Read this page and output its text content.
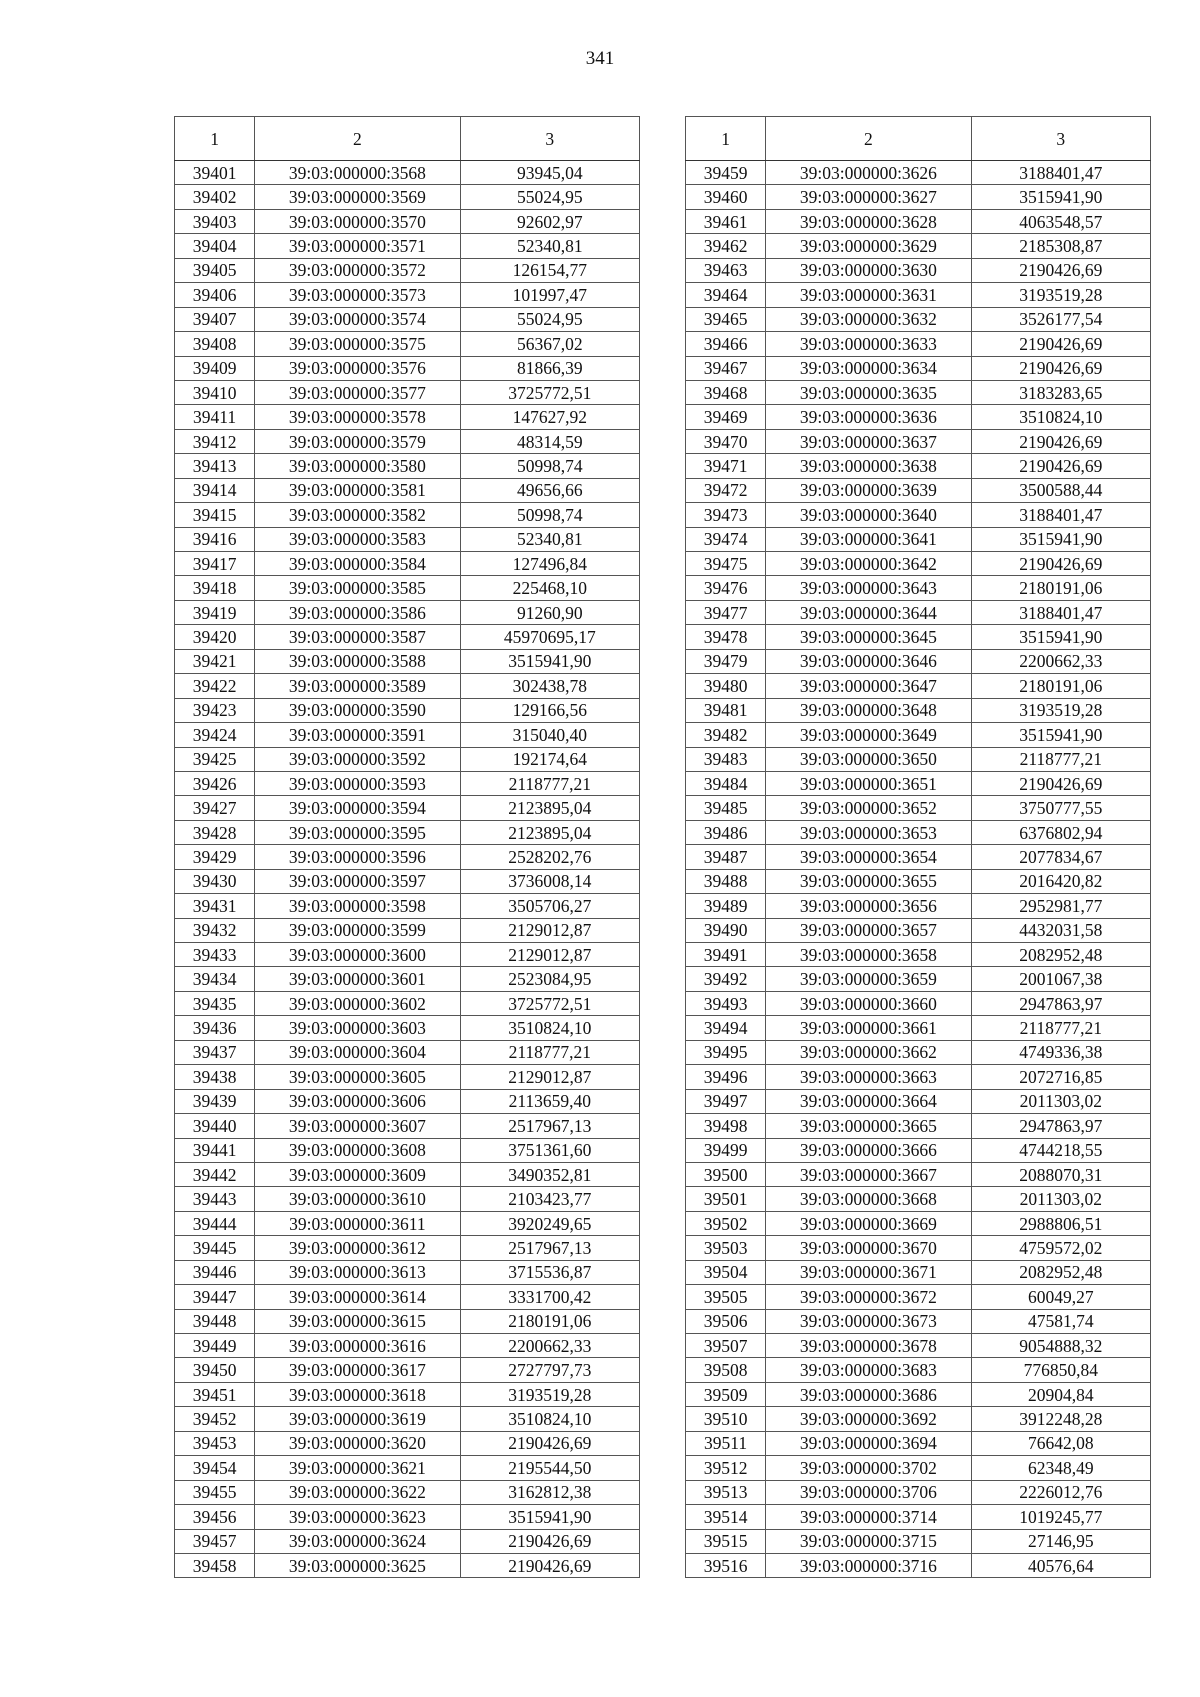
341
1	2	3
39401	39:03:000000:3568	93945,04
39402	39:03:000000:3569	55024,95
39403	39:03:000000:3570	92602,97
39404	39:03:000000:3571	52340,81
39405	39:03:000000:3572	126154,77
39406	39:03:000000:3573	101997,47
39407	39:03:000000:3574	55024,95
39408	39:03:000000:3575	56367,02
39409	39:03:000000:3576	81866,39
39410	39:03:000000:3577	3725772,51
39411	39:03:000000:3578	147627,92
39412	39:03:000000:3579	48314,59
39413	39:03:000000:3580	50998,74
39414	39:03:000000:3581	49656,66
39415	39:03:000000:3582	50998,74
39416	39:03:000000:3583	52340,81
39417	39:03:000000:3584	127496,84
39418	39:03:000000:3585	225468,10
39419	39:03:000000:3586	91260,90
39420	39:03:000000:3587	45970695,17
39421	39:03:000000:3588	3515941,90
39422	39:03:000000:3589	302438,78
39423	39:03:000000:3590	129166,56
39424	39:03:000000:3591	315040,40
39425	39:03:000000:3592	192174,64
39426	39:03:000000:3593	2118777,21
39427	39:03:000000:3594	2123895,04
39428	39:03:000000:3595	2123895,04
39429	39:03:000000:3596	2528202,76
39430	39:03:000000:3597	3736008,14
39431	39:03:000000:3598	3505706,27
39432	39:03:000000:3599	2129012,87
39433	39:03:000000:3600	2129012,87
39434	39:03:000000:3601	2523084,95
39435	39:03:000000:3602	3725772,51
39436	39:03:000000:3603	3510824,10
39437	39:03:000000:3604	2118777,21
39438	39:03:000000:3605	2129012,87
39439	39:03:000000:3606	2113659,40
39440	39:03:000000:3607	2517967,13
39441	39:03:000000:3608	3751361,60
39442	39:03:000000:3609	3490352,81
39443	39:03:000000:3610	2103423,77
39444	39:03:000000:3611	3920249,65
39445	39:03:000000:3612	2517967,13
39446	39:03:000000:3613	3715536,87
39447	39:03:000000:3614	3331700,42
39448	39:03:000000:3615	2180191,06
39449	39:03:000000:3616	2200662,33
39450	39:03:000000:3617	2727797,73
39451	39:03:000000:3618	3193519,28
39452	39:03:000000:3619	3510824,10
39453	39:03:000000:3620	2190426,69
39454	39:03:000000:3621	2195544,50
39455	39:03:000000:3622	3162812,38
39456	39:03:000000:3623	3515941,90
39457	39:03:000000:3624	2190426,69
39458	39:03:000000:3625	2190426,69
1	2	3
39459	39:03:000000:3626	3188401,47
39460	39:03:000000:3627	3515941,90
39461	39:03:000000:3628	4063548,57
39462	39:03:000000:3629	2185308,87
39463	39:03:000000:3630	2190426,69
39464	39:03:000000:3631	3193519,28
39465	39:03:000000:3632	3526177,54
39466	39:03:000000:3633	2190426,69
39467	39:03:000000:3634	2190426,69
39468	39:03:000000:3635	3183283,65
39469	39:03:000000:3636	3510824,10
39470	39:03:000000:3637	2190426,69
39471	39:03:000000:3638	2190426,69
39472	39:03:000000:3639	3500588,44
39473	39:03:000000:3640	3188401,47
39474	39:03:000000:3641	3515941,90
39475	39:03:000000:3642	2190426,69
39476	39:03:000000:3643	2180191,06
39477	39:03:000000:3644	3188401,47
39478	39:03:000000:3645	3515941,90
39479	39:03:000000:3646	2200662,33
39480	39:03:000000:3647	2180191,06
39481	39:03:000000:3648	3193519,28
39482	39:03:000000:3649	3515941,90
39483	39:03:000000:3650	2118777,21
39484	39:03:000000:3651	2190426,69
39485	39:03:000000:3652	3750777,55
39486	39:03:000000:3653	6376802,94
39487	39:03:000000:3654	2077834,67
39488	39:03:000000:3655	2016420,82
39489	39:03:000000:3656	2952981,77
39490	39:03:000000:3657	4432031,58
39491	39:03:000000:3658	2082952,48
39492	39:03:000000:3659	2001067,38
39493	39:03:000000:3660	2947863,97
39494	39:03:000000:3661	2118777,21
39495	39:03:000000:3662	4749336,38
39496	39:03:000000:3663	2072716,85
39497	39:03:000000:3664	2011303,02
39498	39:03:000000:3665	2947863,97
39499	39:03:000000:3666	4744218,55
39500	39:03:000000:3667	2088070,31
39501	39:03:000000:3668	2011303,02
39502	39:03:000000:3669	2988806,51
39503	39:03:000000:3670	4759572,02
39504	39:03:000000:3671	2082952,48
39505	39:03:000000:3672	60049,27
39506	39:03:000000:3673	47581,74
39507	39:03:000000:3678	9054888,32
39508	39:03:000000:3683	776850,84
39509	39:03:000000:3686	20904,84
39510	39:03:000000:3692	3912248,28
39511	39:03:000000:3694	76642,08
39512	39:03:000000:3702	62348,49
39513	39:03:000000:3706	2226012,76
39514	39:03:000000:3714	1019245,77
39515	39:03:000000:3715	27146,95
39516	39:03:000000:3716	40576,64
